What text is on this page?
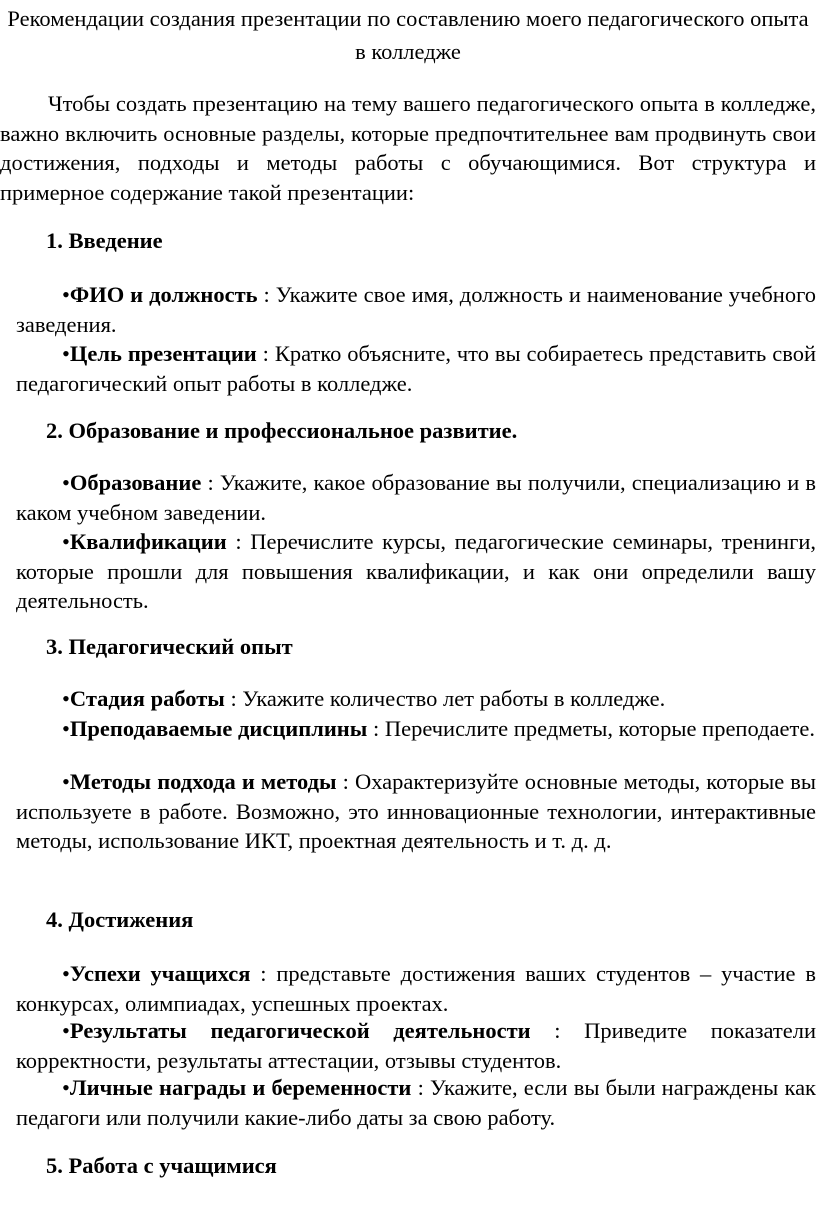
Рекомендации создания презентации по составлению моего педагогического опыта в колледже
Чтобы создать презентацию на тему вашего педагогического опыта в колледже, важно включить основные разделы, которые предпочтительнее вам продвинуть свои достижения, подходы и методы работы с обучающимися. Вот структура и примерное содержание такой презентации:
1. Введение
•ФИО и должность : Укажите свое имя, должность и наименование учебного заведения.
•Цель презентации : Кратко объясните, что вы собираетесь представить свой педагогический опыт работы в колледже.
2. Образование и профессиональное развитие.
•Образование : Укажите, какое образование вы получили, специализацию и в каком учебном заведении.
•Квалификации : Перечислите курсы, педагогические семинары, тренинги, которые прошли для повышения квалификации, и как они определили вашу деятельность.
3. Педагогический опыт
•Стадия работы : Укажите количество лет работы в колледже.
•Преподаваемые дисциплины : Перечислите предметы, которые преподаете.
•Методы подхода и методы : Охарактеризуйте основные методы, которые вы используете в работе. Возможно, это инновационные технологии, интерактивные методы, использование ИКТ, проектная деятельность и т. д. д.
4. Достижения
•Успехи учащихся : представьте достижения ваших студентов – участие в конкурсах, олимпиадах, успешных проектах.
•Результаты педагогической деятельности : Приведите показатели корректности, результаты аттестации, отзывы студентов.
•Личные награды и беременности : Укажите, если вы были награждены как педагоги или получили какие-либо даты за свою работу.
5. Работа с учащимися
